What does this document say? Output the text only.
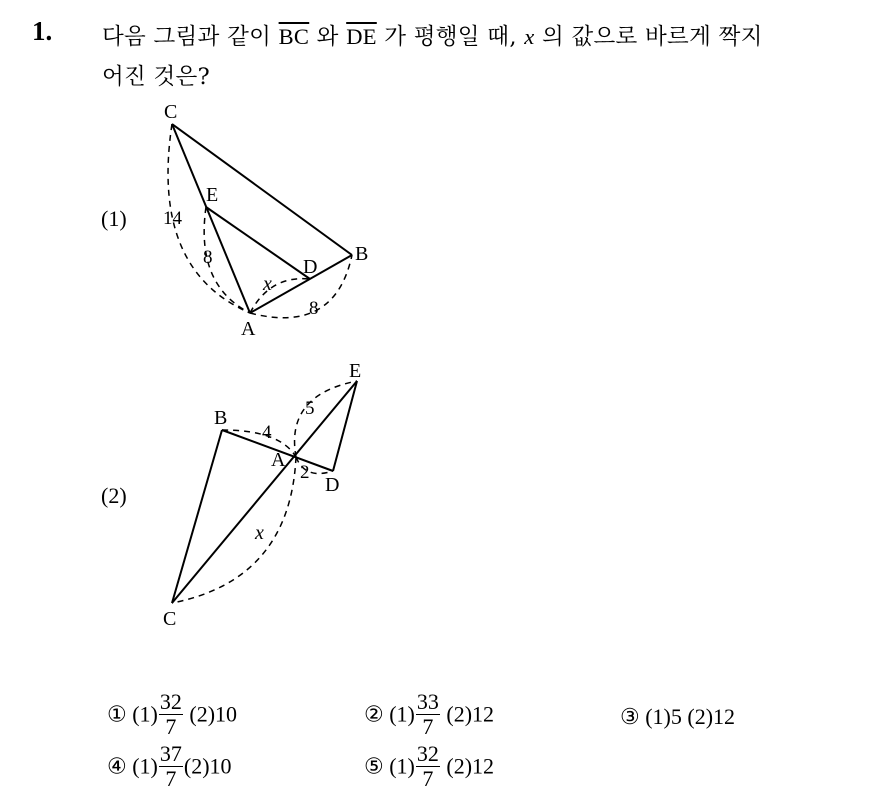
1. 다음 그림과 같이 $\overline{BC}$ 와 $\overline{DE}$ 가 평행일 때, x 의 값으로 바르게 짝지
어진 것은?
(1)
C
E
D
B
A
14
8
8
x
(2)
E
B
A
D
C
4
5
2
x
① $(1) \frac{32}{7} (2)10$	② $(1) \frac{33}{7} (2)12$	③ (1)5 (2)12
④ $(1) \frac{37}{7} (2)10$	⑤ $(1) \frac{32}{7} (2)12$
